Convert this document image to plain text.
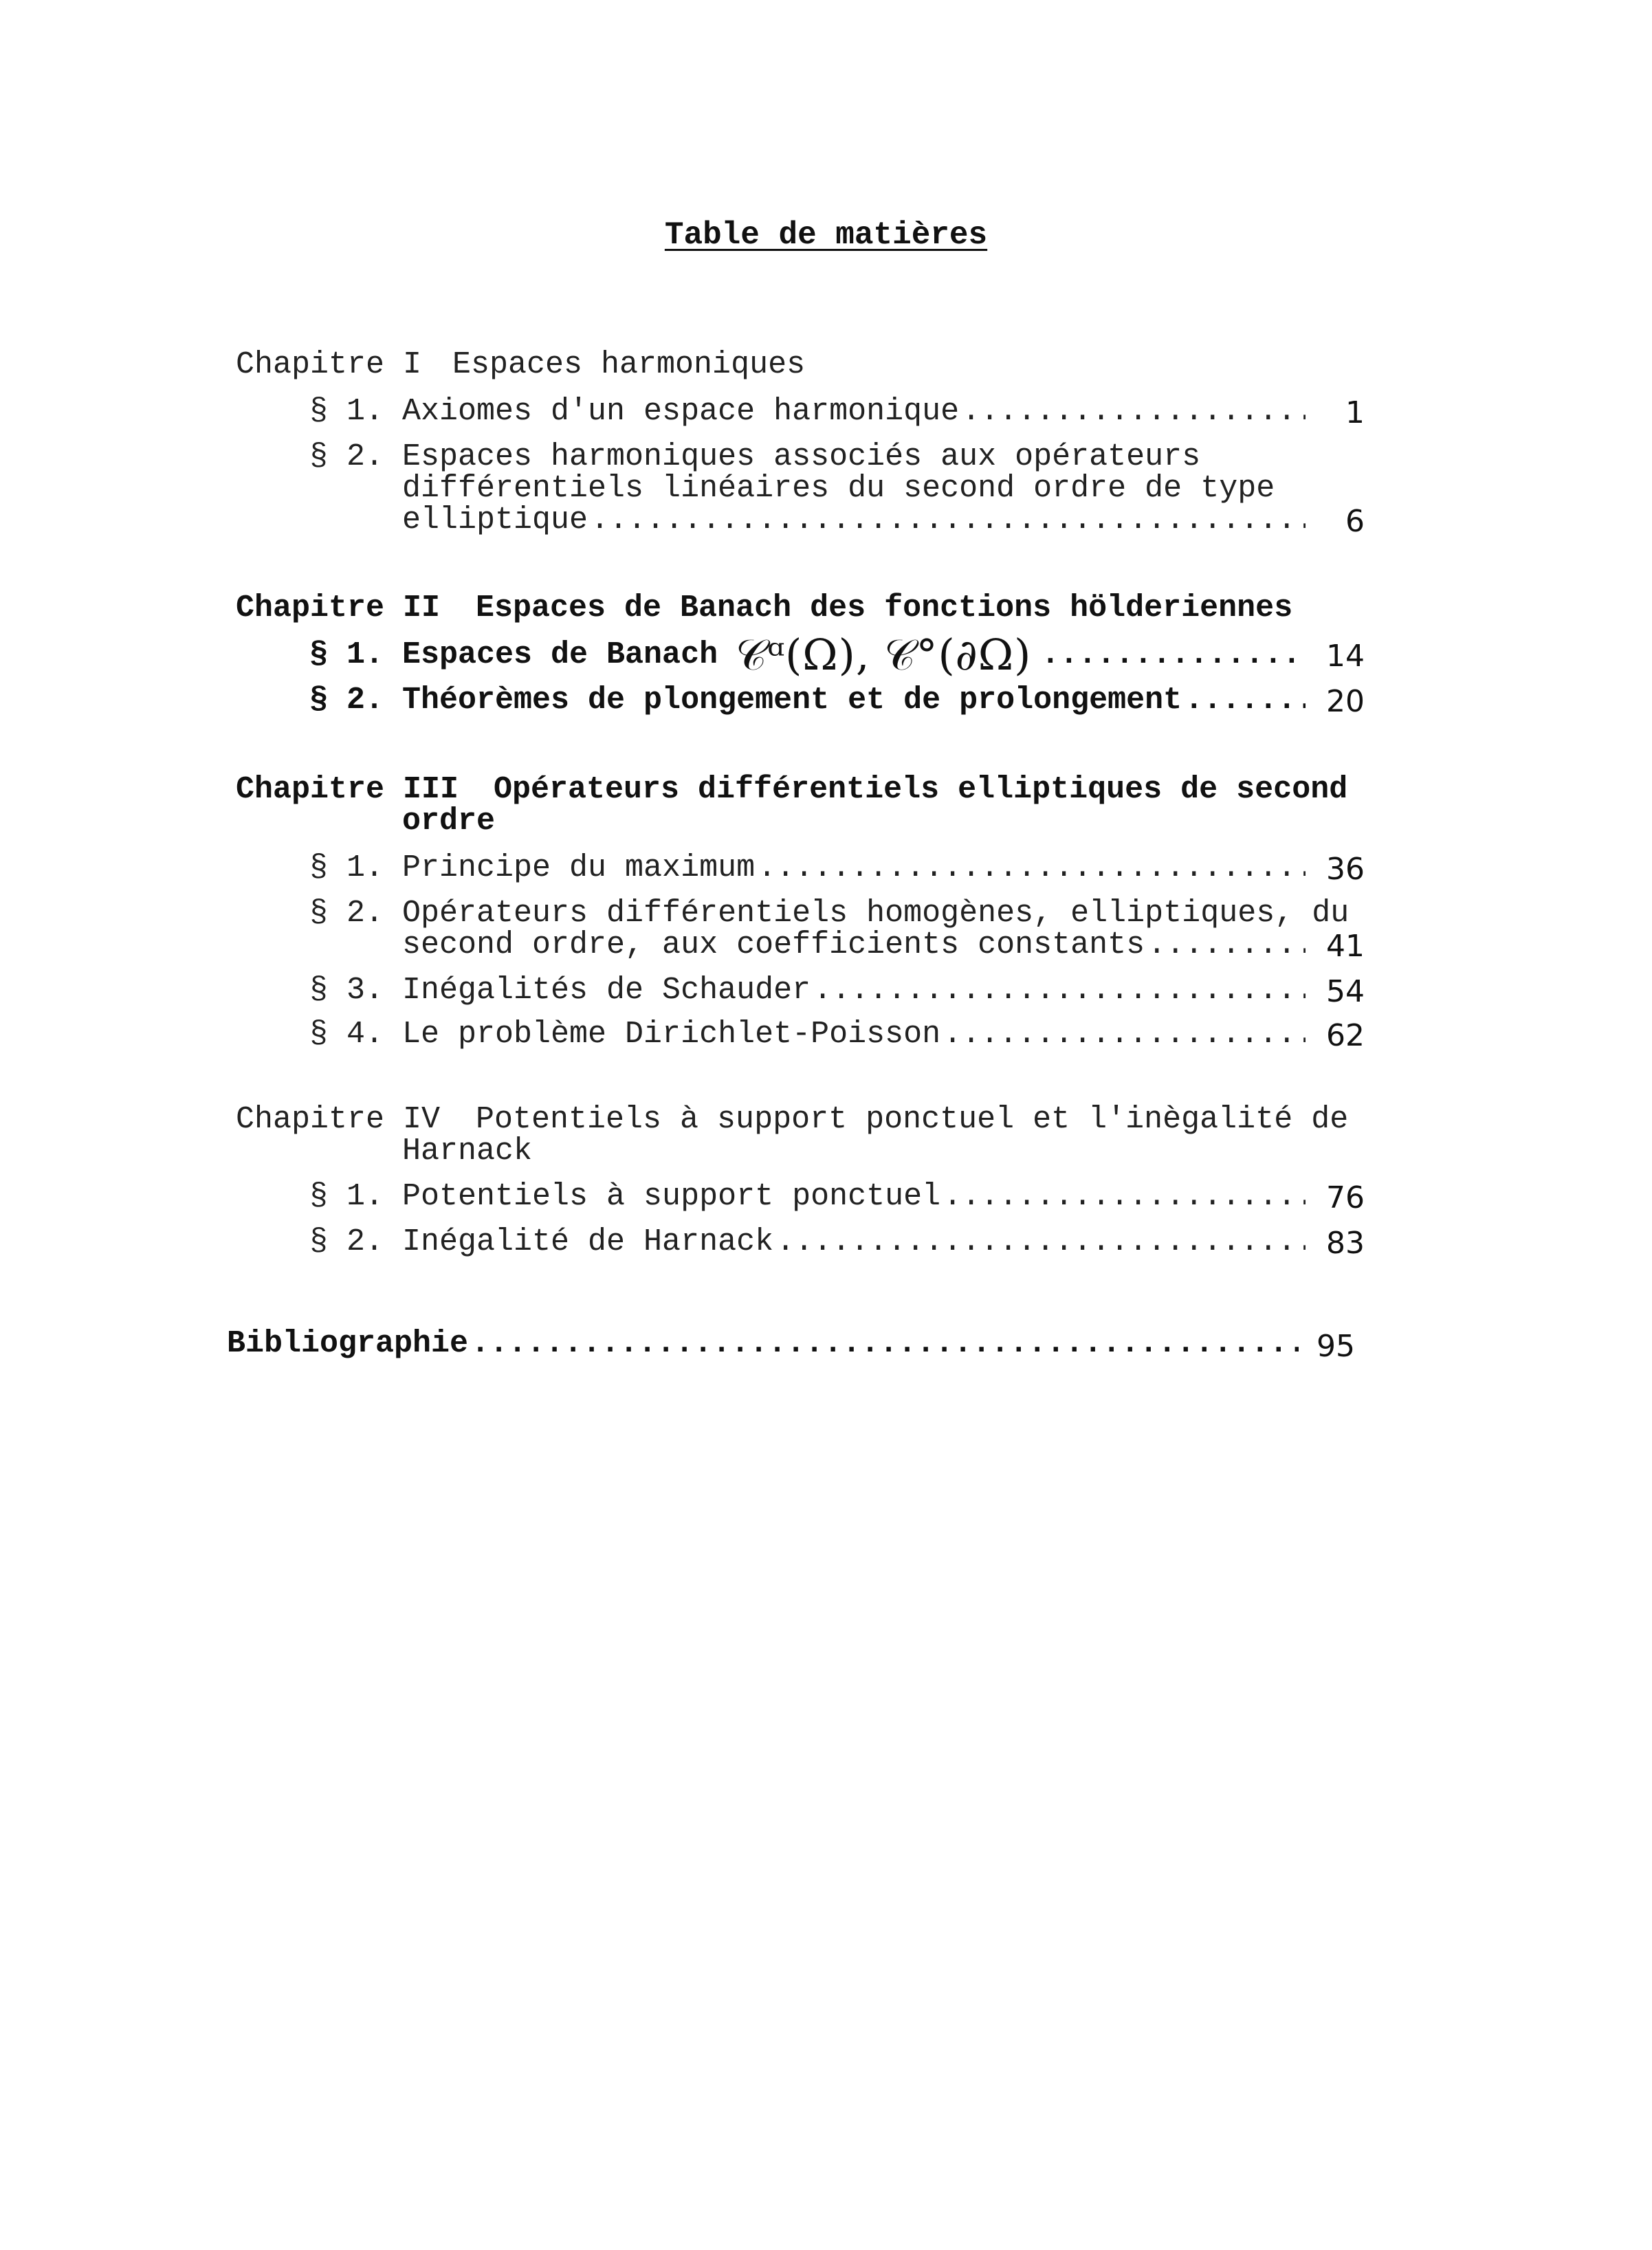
Table de matières
Chapitre I Espaces harmoniques
§ 1. Axiomes d'un espace harmonique .....	1
§ 2. Espaces harmoniques associés aux opérateurs
différentiels linéaires du second ordre de type
elliptique .....	6
Chapitre II Espaces de Banach des fonctions hölderiennes
§ 1. Espaces de Banach 𝒞ᵅ(Ω), 𝒞°(∂Ω) .....	14
§ 2. Théorèmes de plongement et de prolongement .....	20
Chapitre III Opérateurs différentiels elliptiques de second
ordre
§ 1. Principe du maximum .....	36
§ 2. Opérateurs différentiels homogènes, elliptiques, du
second ordre, aux coefficients constants .....	41
§ 3. Inégalités de Schauder .....	54
§ 4. Le problème Dirichlet-Poisson .....	62
Chapitre IV Potentiels à support ponctuel et l'inègalité de
Harnack
§ 1. Potentiels à support ponctuel .....	76
§ 2. Inégalité de Harnack .....	83
Bibliographie .....	95
